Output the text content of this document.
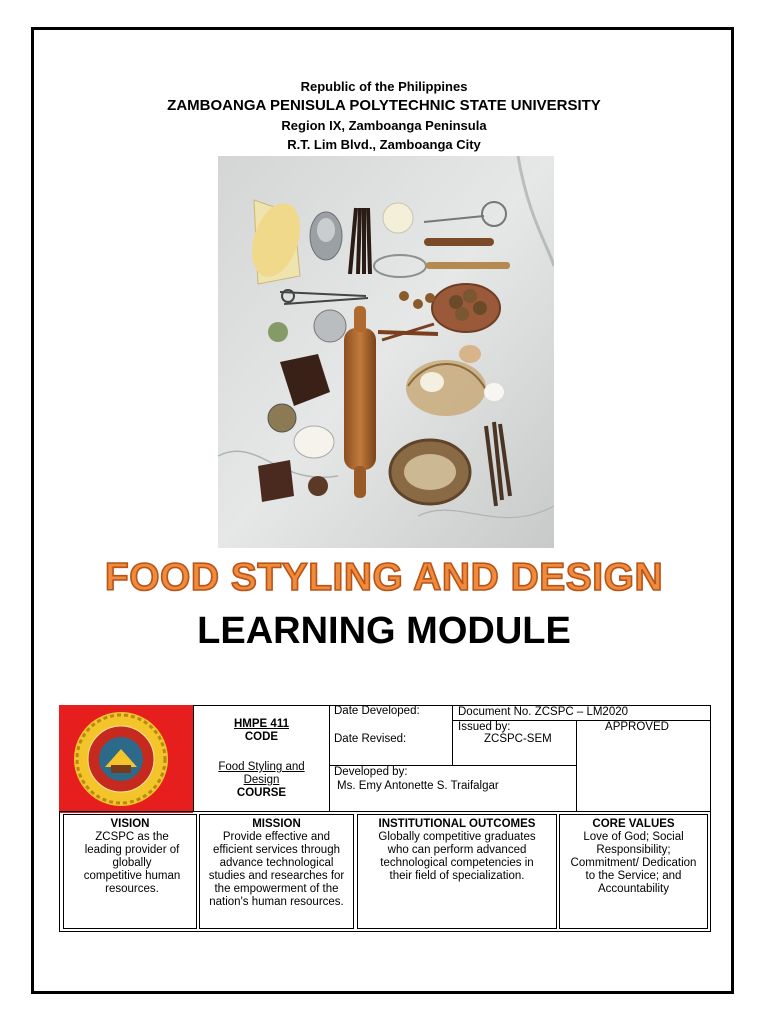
Republic of the Philippines
ZAMBOANGA PENISULA POLYTECHNIC STATE UNIVERSITY
Region IX, Zamboanga Peninsula
R.T. Lim Blvd., Zamboanga City
FOOD STYLING AND DESIGN
LEARNING MODULE
HMPE 411
CODE
Food Styling and Design
COURSE
Date Developed:
Date Revised:
Document No. ZCSPC – LM2020
Issued by:
ZCSPC-SEM
APPROVED
Developed by:
Ms. Emy Antonette S. Traifalgar
VISION
ZCSPC as the leading provider of globally competitive human resources.
MISSION
Provide effective and efficient services through advance technological studies and researches for the empowerment of the nation's human resources.
INSTITUTIONAL OUTCOMES
Globally competitive graduates who can perform advanced technological competencies in their field of specialization.
CORE VALUES
Love of God; Social Responsibility; Commitment/ Dedication to the Service; and Accountability
